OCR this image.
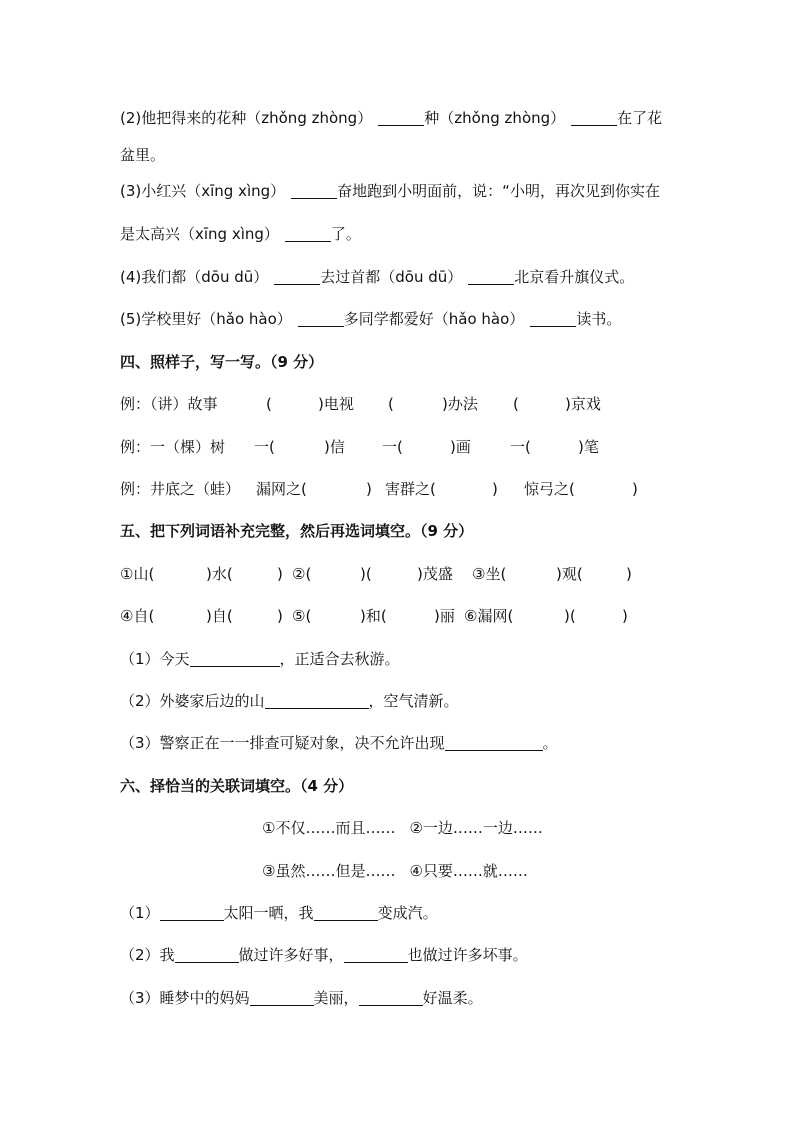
(2)他把得来的花种（zhǒng zhòng）	种（zhǒng zhòng）	在了花
盆里。
(3)小红兴（xīng xìng）	奋地跑到小明面前，说：“小明，再次见到你实在
是太高兴（xīng xìng）	了。
(4)我们都（dōu dū）	去过首都（dōu dū）	北京看升旗仪式。
(5)学校里好（hǎo hào）	多同学都爱好（hǎo hào）	读书。
四、照样子，写一写。（9 分）
例：（讲）故事	(	)电视 (	)办法 (	)京戏
例：一（棵）树 一(	)信 一(	)画	一(	)笔
例：井底之（蛙） 漏网之(	) 害群之(	) 惊弓之(	)
五、把下列词语补充完整，然后再选词填空。（9 分）
①山(	)水(	) ②(	)(	)茂盛 ③坐(	)观(	)
④自(	)自(	) ⑤(	)和(	)丽 ⑥漏网(	)(	)
（1）今天	，正适合去秋游。
（2）外婆家后边的山	，空气清新。
（3）警察正在一一排查可疑对象，决不允许出现	。
六、择恰当的关联词填空。（4 分）
①不仅……而且…… ②一边……一边……
③虽然……但是…… ④只要……就……
（1）	太阳一晒，我	变成汽。
（2）我	做过许多好事，	也做过许多坏事。
（3）睡梦中的妈妈	美丽，	好温柔。
